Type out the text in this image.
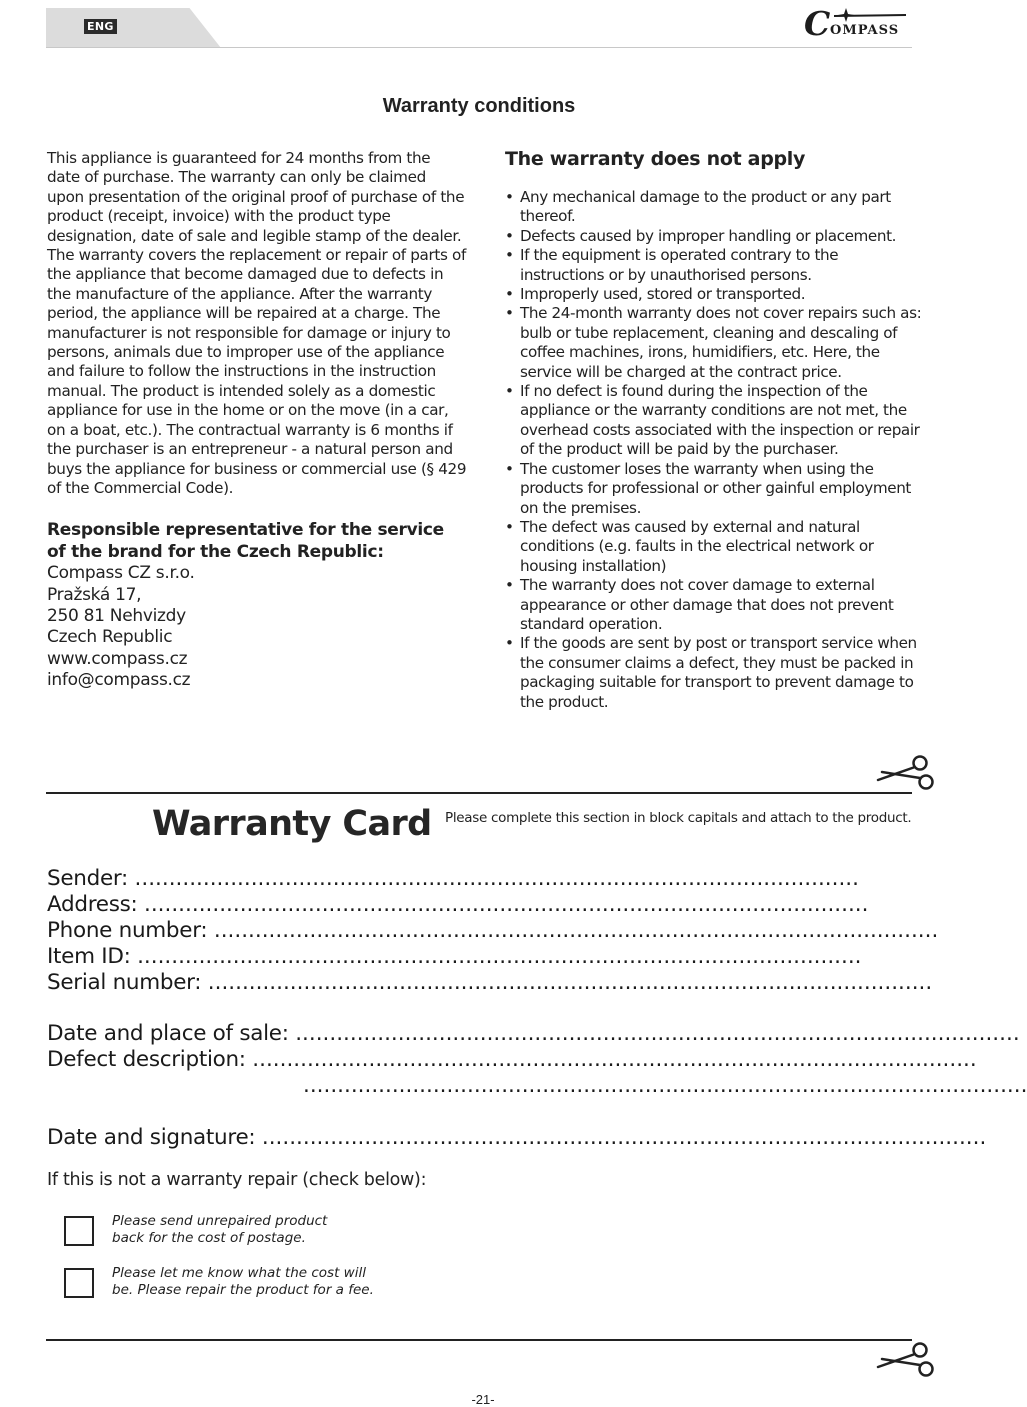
ENG	C OMPASS
Warranty conditions

This appliance is guaranteed for 24 months from the date of purchase. The warranty can only be claimed upon presentation of the original proof of purchase of the product (receipt, invoice) with the product type designation, date of sale and legible stamp of the dealer. The warranty covers the replacement or repair of parts of the appliance that become damaged due to defects in the manufacture of the appliance. After the warranty period, the appliance will be repaired at a charge. The manufacturer is not responsible for damage or injury to persons, animals due to improper use of the appliance and failure to follow the instructions in the instruction manual. The product is intended solely as a domestic appliance for use in the home or on the move (in a car, on a boat, etc.). The contractual warranty is 6 months if the purchaser is an entrepreneur - a natural person and buys the appliance for business or commercial use (§ 429 of the Commercial Code).

Responsible representative for the service of the brand for the Czech Republic:
Compass CZ s.r.o.
Pražská 17,
250 81 Nehvizdy
Czech Republic
www.compass.cz
info@compass.cz
The warranty does not apply
• Any mechanical damage to the product or any part thereof.
• Defects caused by improper handling or placement.
• If the equipment is operated contrary to the instructions or by unauthorised persons.
• Improperly used, stored or transported.
• The 24-month warranty does not cover repairs such as: bulb or tube replacement, cleaning and descaling of coffee machines, irons, humidifiers, etc. Here, the service will be charged at the contract price.
• If no defect is found during the inspection of the appliance or the warranty conditions are not met, the overhead costs associated with the inspection or repair of the product will be paid by the purchaser.
• The customer loses the warranty when using the products for professional or other gainful employment on the premises.
• The defect was caused by external and natural conditions (e.g. faults in the electrical network or housing installation)
• The warranty does not cover damage to external appearance or other damage that does not prevent standard operation.
• If the goods are sent by post or transport service when the consumer claims a defect, they must be packed in packaging suitable for transport to prevent damage to the product.
Warranty Card Please complete this section in block capitals and attach to the product.
Sender: ..........................................................................................................
Address: ..........................................................................................................
Phone number: ..........................................................................................................
Item ID: ..........................................................................................................
Serial number: ..........................................................................................................
Date and place of sale: ..........................................................................................................
Defect description: ..........................................................................................................
..........................................................................................................
Date and signature: ..........................................................................................................
If this is not a warranty repair (check below):
Please send unrepaired product back for the cost of postage.
Please let me know what the cost will be. Please repair the product for a fee.
-21-
